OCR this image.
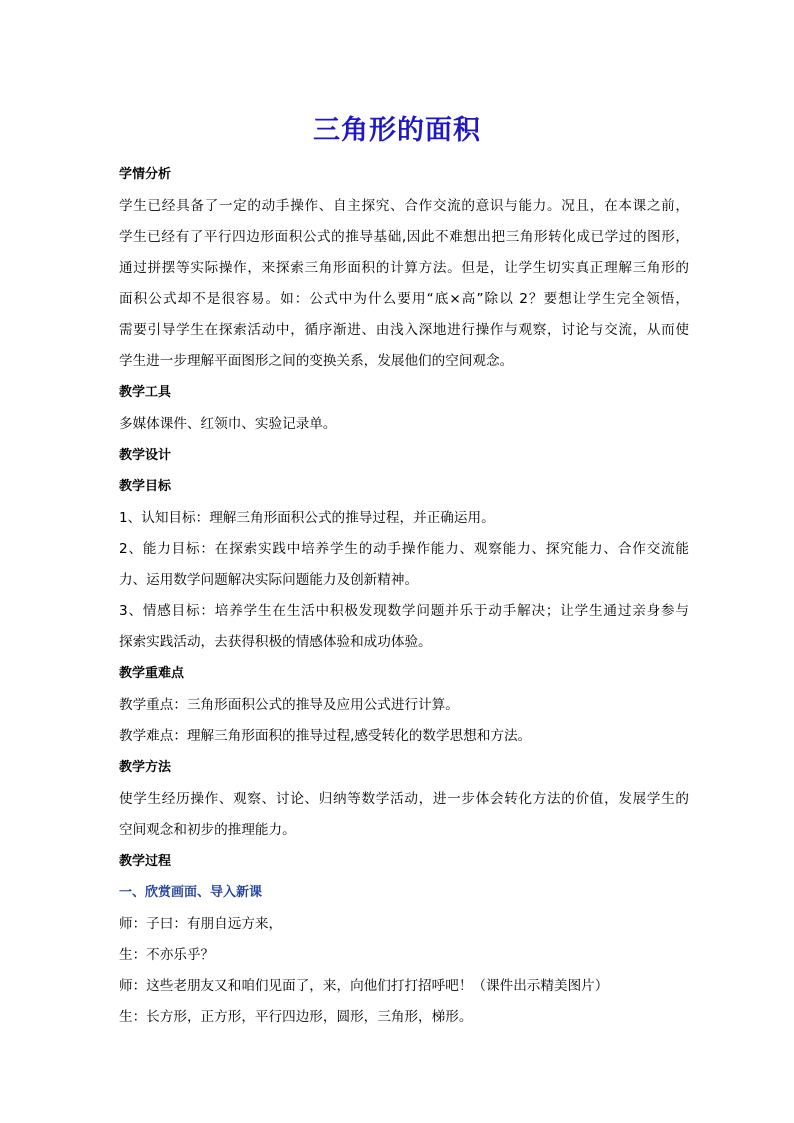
三角形的面积
学情分析
学生已经具备了一定的动手操作、自主探究、合作交流的意识与能力。况且，在本课之前，
学生已经有了平行四边形面积公式的推导基础,因此不难想出把三角形转化成已学过的图形，
通过拼摆等实际操作，来探索三角形面积的计算方法。但是，让学生切实真正理解三角形的
面积公式却不是很容易。如：公式中为什么要用“底×高”除以 2？要想让学生完全领悟，
需要引导学生在探索活动中，循序渐进、由浅入深地进行操作与观察，讨论与交流，从而使
学生进一步理解平面图形之间的变换关系，发展他们的空间观念。
教学工具
多媒体课件、红领巾、实验记录单。
教学设计
教学目标
1、认知目标：理解三角形面积公式的推导过程，并正确运用。
2、能力目标：在探索实践中培养学生的动手操作能力、观察能力、探究能力、合作交流能
力、运用数学问题解决实际问题能力及创新精神。
3、情感目标：培养学生在生活中积极发现数学问题并乐于动手解决；让学生通过亲身参与
探索实践活动，去获得积极的情感体验和成功体验。
教学重难点
教学重点：三角形面积公式的推导及应用公式进行计算。
教学难点：理解三角形面积的推导过程,感受转化的数学思想和方法。
教学方法
使学生经历操作、观察、讨论、归纳等数学活动，进一步体会转化方法的价值，发展学生的
空间观念和初步的推理能力。
教学过程
一、欣赏画面、导入新课
师：子曰：有朋自远方来，
生：不亦乐乎？
师：这些老朋友又和咱们见面了，来，向他们打打招呼吧！（课件出示精美图片）
生：长方形，正方形，平行四边形，圆形，三角形，梯形。
